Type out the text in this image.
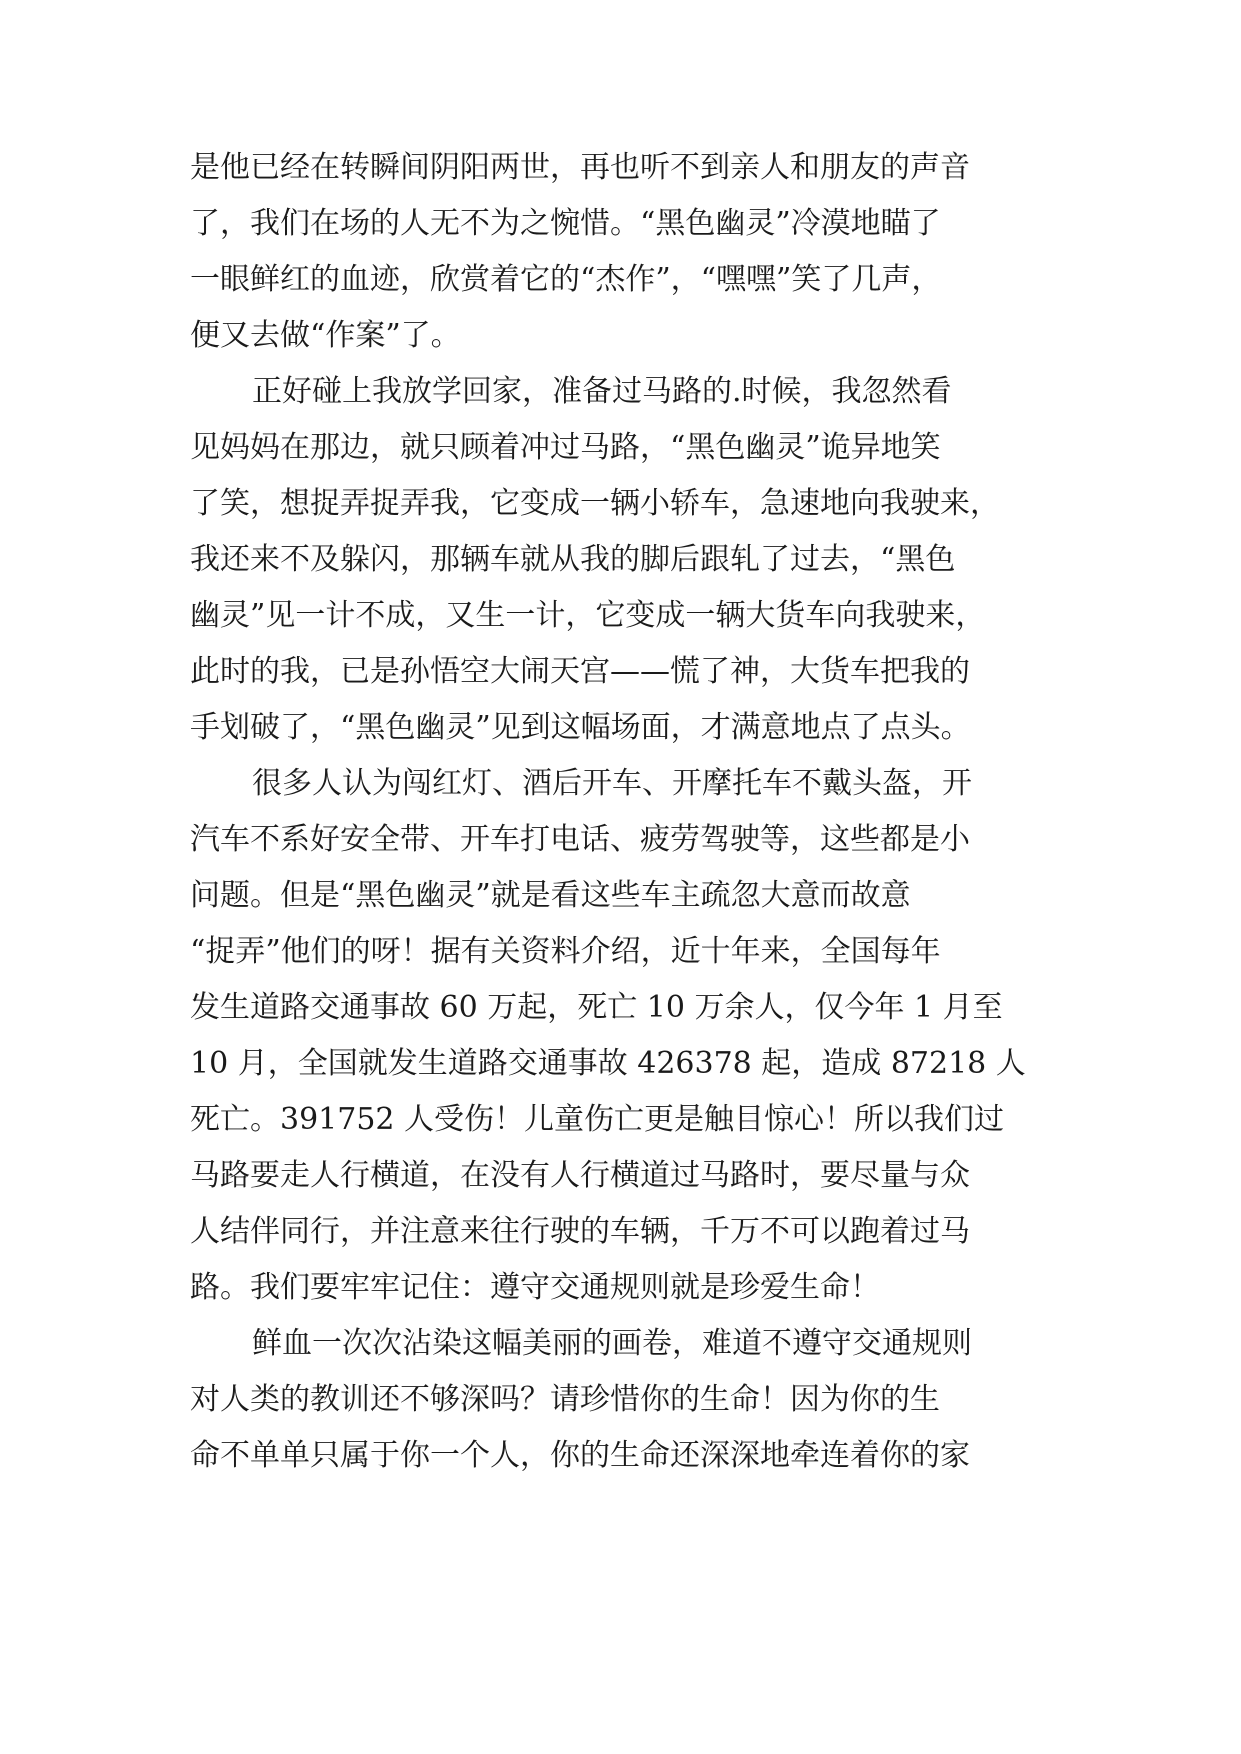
是他已经在转瞬间阴阳两世，再也听不到亲人和朋友的声音
了，我们在场的人无不为之惋惜。“黑色幽灵”冷漠地瞄了
一眼鲜红的血迹，欣赏着它的“杰作”，“嘿嘿”笑了几声，
便又去做“作案”了。
正好碰上我放学回家，准备过马路的.时候，我忽然看
见妈妈在那边，就只顾着冲过马路，“黑色幽灵”诡异地笑
了笑，想捉弄捉弄我，它变成一辆小轿车，急速地向我驶来，
我还来不及躲闪，那辆车就从我的脚后跟轧了过去，“黑色
幽灵”见一计不成，又生一计，它变成一辆大货车向我驶来，
此时的我，已是孙悟空大闹天宫——慌了神，大货车把我的
手划破了，“黑色幽灵”见到这幅场面，才满意地点了点头。
很多人认为闯红灯、酒后开车、开摩托车不戴头盔，开
汽车不系好安全带、开车打电话、疲劳驾驶等，这些都是小
问题。但是“黑色幽灵”就是看这些车主疏忽大意而故意
“捉弄”他们的呀！据有关资料介绍，近十年来，全国每年
发生道路交通事故 60 万起，死亡 10 万余人，仅今年 1 月至
10 月，全国就发生道路交通事故 426378 起，造成 87218 人
死亡。391752 人受伤！儿童伤亡更是触目惊心！所以我们过
马路要走人行横道，在没有人行横道过马路时，要尽量与众
人结伴同行，并注意来往行驶的车辆，千万不可以跑着过马
路。我们要牢牢记住：遵守交通规则就是珍爱生命！
鲜血一次次沾染这幅美丽的画卷，难道不遵守交通规则
对人类的教训还不够深吗？请珍惜你的生命！因为你的生
命不单单只属于你一个人，你的生命还深深地牵连着你的家
